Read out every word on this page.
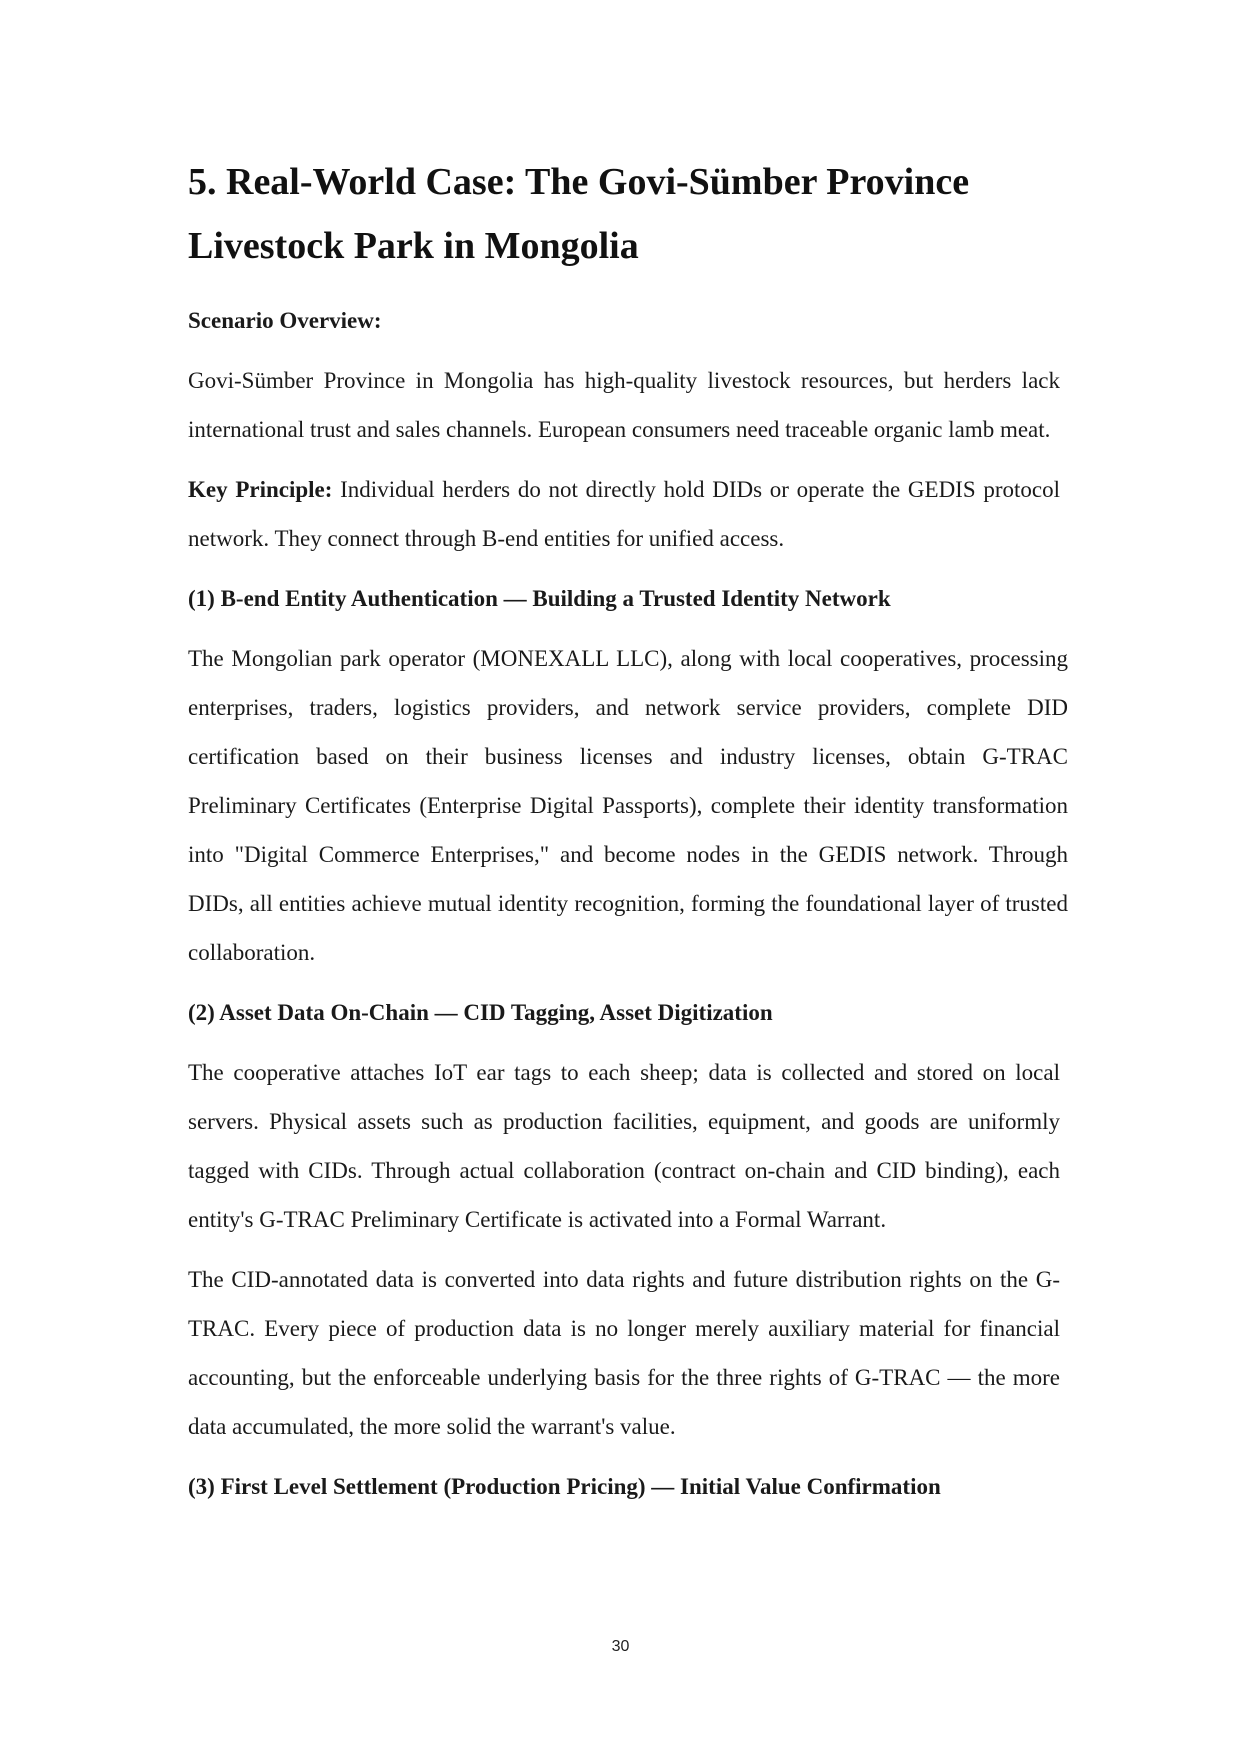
5. Real-World Case: The Govi-Sümber Province Livestock Park in Mongolia
Scenario Overview:

Govi-Sümber Province in Mongolia has high-quality livestock resources, but herders lack international trust and sales channels. European consumers need traceable organic lamb meat.

Key Principle: Individual herders do not directly hold DIDs or operate the GEDIS protocol network. They connect through B-end entities for unified access.

(1) B-end Entity Authentication — Building a Trusted Identity Network

The Mongolian park operator (MONEXALL LLC), along with local cooperatives, processing enterprises, traders, logistics providers, and network service providers, complete DID certification based on their business licenses and industry licenses, obtain G-TRAC Preliminary Certificates (Enterprise Digital Passports), complete their identity transformation into "Digital Commerce Enterprises," and become nodes in the GEDIS network. Through DIDs, all entities achieve mutual identity recognition, forming the foundational layer of trusted collaboration.

(2) Asset Data On-Chain — CID Tagging, Asset Digitization

The cooperative attaches IoT ear tags to each sheep; data is collected and stored on local servers. Physical assets such as production facilities, equipment, and goods are uniformly tagged with CIDs. Through actual collaboration (contract on-chain and CID binding), each entity's G-TRAC Preliminary Certificate is activated into a Formal Warrant.

The CID-annotated data is converted into data rights and future distribution rights on the G-TRAC. Every piece of production data is no longer merely auxiliary material for financial accounting, but the enforceable underlying basis for the three rights of G-TRAC — the more data accumulated, the more solid the warrant's value.

(3) First Level Settlement (Production Pricing) — Initial Value Confirmation
30
